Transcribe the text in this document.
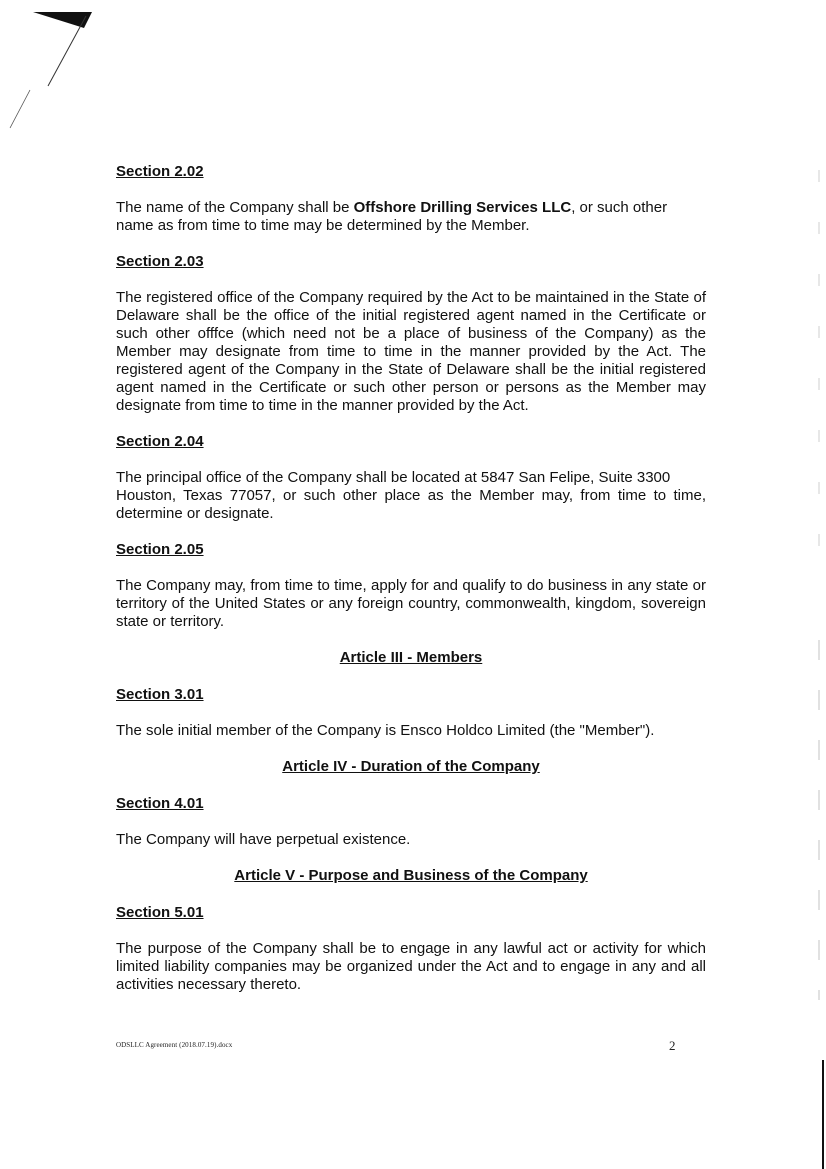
Section 2.02

The name of the Company shall be Offshore Drilling Services LLC, or such other name as from time to time may be determined by the Member.

Section 2.03

The registered office of the Company required by the Act to be maintained in the State of Delaware shall be the office of the initial registered agent named in the Certificate or such other offfce (which need not be a place of business of the Company) as the Member may designate from time to time in the manner provided by the Act. The registered agent of the Company in the State of Delaware shall be the initial registered agent named in the Certificate or such other person or persons as the Member may designate from time to time in the manner provided by the Act.

Section 2.04

The principal office of the Company shall be located at 5847 San Felipe, Suite 3300

Houston, Texas 77057, or such other place as the Member may, from time to time, determine or designate.

Section 2.05

The Company may, from time to time, apply for and qualify to do business in any state or territory of the United States or any foreign country, commonwealth, kingdom, sovereign state or territory.

Article III - Members

Section 3.01

The sole initial member of the Company is Ensco Holdco Limited (the "Member").

Article IV - Duration of the Company

Section 4.01

The Company will have perpetual existence.

Article V - Purpose and Business of the Company

Section 5.01

The purpose of the Company shall be to engage in any lawful act or activity for which limited liability companies may be organized under the Act and to engage in any and all activities necessary thereto.

ODSLLC Agreement (2018.07.19).docx	2
